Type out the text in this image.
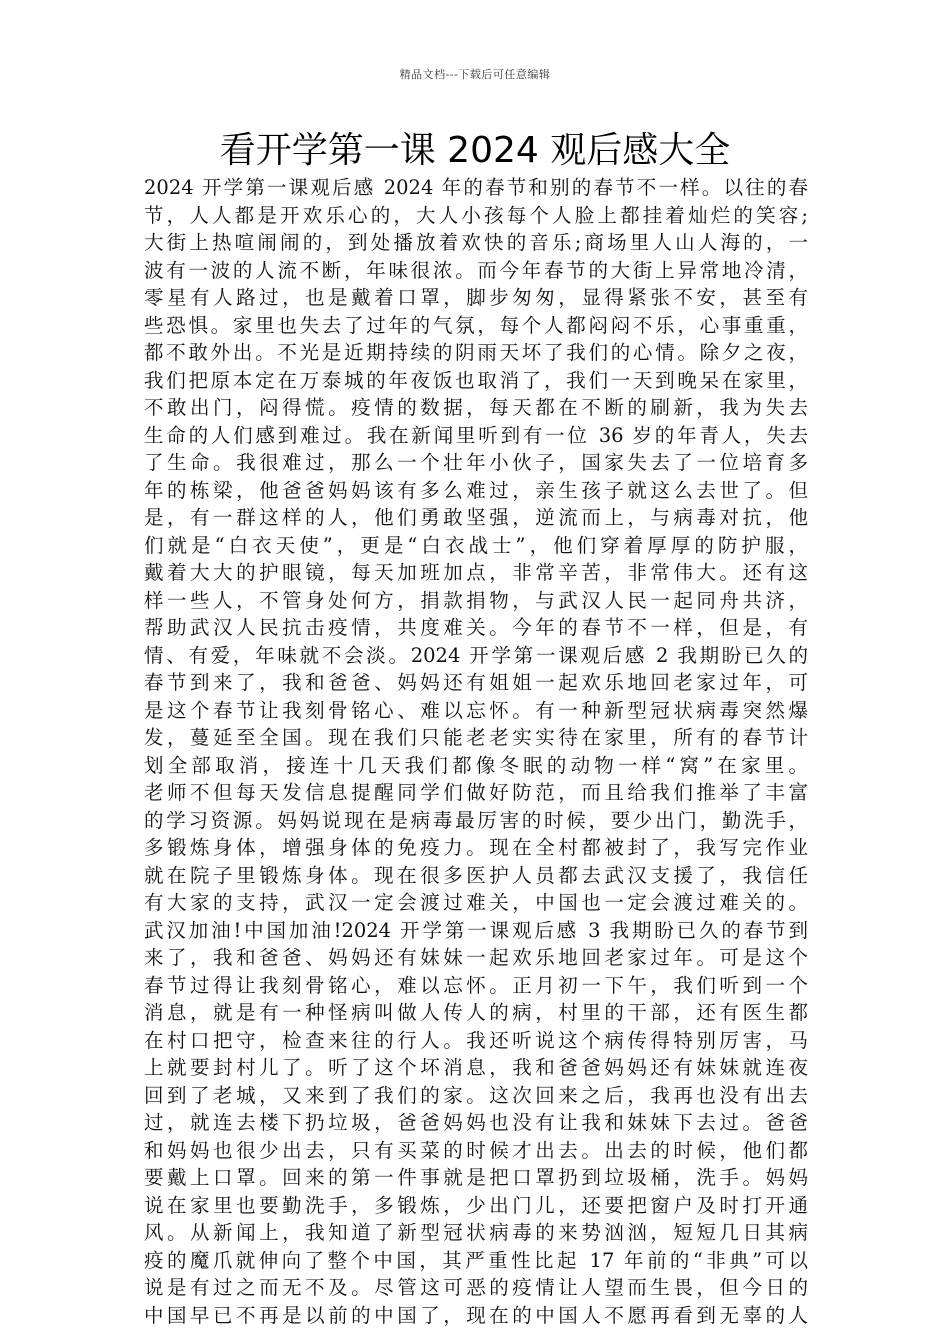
精品文档---下载后可任意编辑
看开学第一课 2024 观后感大全
2024 开学第一课观后感 2024 年的春节和别的春节不一样。以往的春
节，人人都是开欢乐心的，大人小孩每个人脸上都挂着灿烂的笑容;
大街上热喧闹闹的，到处播放着欢快的音乐;商场里人山人海的，一
波有一波的人流不断，年味很浓。而今年春节的大街上异常地冷清，
零星有人路过，也是戴着口罩，脚步匆匆，显得紧张不安，甚至有
些恐惧。家里也失去了过年的气氛，每个人都闷闷不乐，心事重重，
都不敢外出。不光是近期持续的阴雨天坏了我们的心情。除夕之夜，
我们把原本定在万泰城的年夜饭也取消了，我们一天到晚呆在家里，
不敢出门，闷得慌。疫情的数据，每天都在不断的刷新，我为失去
生命的人们感到难过。我在新闻里听到有一位 36 岁的年青人，失去
了生命。我很难过，那么一个壮年小伙子，国家失去了一位培育多
年的栋梁，他爸爸妈妈该有多么难过，亲生孩子就这么去世了。但
是，有一群这样的人，他们勇敢坚强，逆流而上，与病毒对抗，他
们就是“白衣天使”，更是“白衣战士”，他们穿着厚厚的防护服，
戴着大大的护眼镜，每天加班加点，非常辛苦，非常伟大。还有这
样一些人，不管身处何方，捐款捐物，与武汉人民一起同舟共济，
帮助武汉人民抗击疫情，共度难关。今年的春节不一样，但是，有
情、有爱，年味就不会淡。2024 开学第一课观后感 2 我期盼已久的
春节到来了，我和爸爸、妈妈还有姐姐一起欢乐地回老家过年，可
是这个春节让我刻骨铭心、难以忘怀。有一种新型冠状病毒突然爆
发，蔓延至全国。现在我们只能老老实实待在家里，所有的春节计
划全部取消，接连十几天我们都像冬眠的动物一样“窝”在家里。
老师不但每天发信息提醒同学们做好防范，而且给我们推举了丰富
的学习资源。妈妈说现在是病毒最厉害的时候，要少出门，勤洗手，
多锻炼身体，增强身体的免疫力。现在全村都被封了，我写完作业
就在院子里锻炼身体。现在很多医护人员都去武汉支援了，我信任
有大家的支持，武汉一定会渡过难关，中国也一定会渡过难关的。
武汉加油!中国加油!2024 开学第一课观后感 3 我期盼已久的春节到
来了，我和爸爸、妈妈还有妹妹一起欢乐地回老家过年。可是这个
春节过得让我刻骨铭心，难以忘怀。正月初一下午，我们听到一个
消息，就是有一种怪病叫做人传人的病，村里的干部，还有医生都
在村口把守，检查来往的行人。我还听说这个病传得特别厉害，马
上就要封村儿了。听了这个坏消息，我和爸爸妈妈还有妹妹就连夜
回到了老城，又来到了我们的家。这次回来之后，我再也没有出去
过，就连去楼下扔垃圾，爸爸妈妈也没有让我和妹妹下去过。爸爸
和妈妈也很少出去，只有买菜的时候才出去。出去的时候，他们都
要戴上口罩。回来的第一件事就是把口罩扔到垃圾桶，洗手。妈妈
说在家里也要勤洗手，多锻炼，少出门儿，还要把窗户及时打开通
风。从新闻上，我知道了新型冠状病毒的来势汹汹，短短几日其病
疫的魔爪就伸向了整个中国，其严重性比起 17 年前的“非典”可以
说是有过之而无不及。尽管这可恶的疫情让人望而生畏，但今日的
中国早已不再是以前的中国了，现在的中国人不愿再看到无辜的人
